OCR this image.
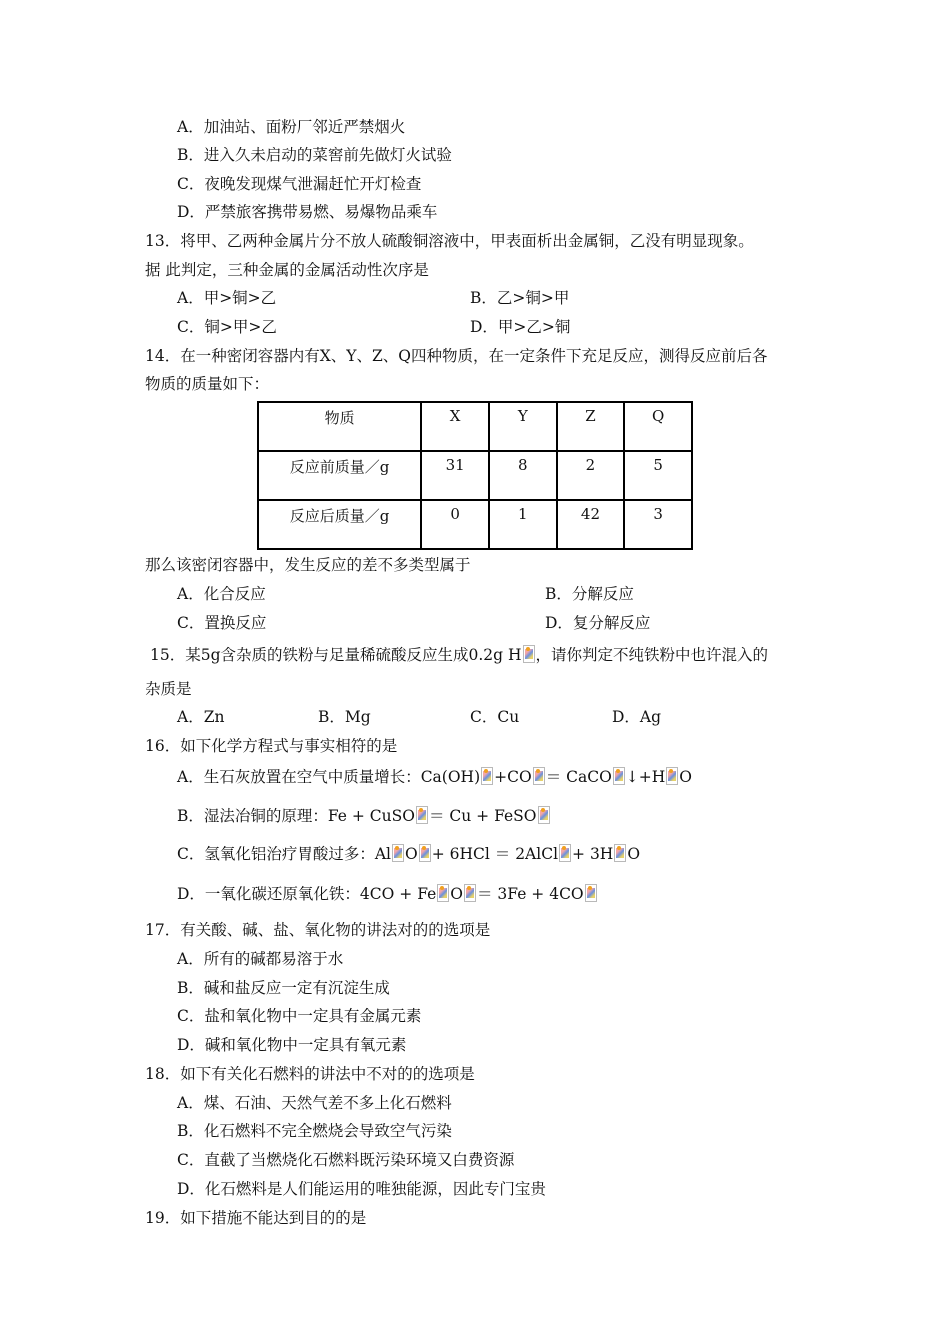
A．加油站、面粉厂邻近严禁烟火
B．进入久未启动的菜窖前先做灯火试验
C．夜晚发现煤气泄漏赶忙开灯检查
D．严禁旅客携带易燃、易爆物品乘车
13．将甲、乙两种金属片分不放人硫酸铜溶液中，甲表面析出金属铜，乙没有明显现象。
据 此判定，三种金属的金属活动性次序是
A．甲>铜>乙	B．乙>铜>甲
C．铜>甲>乙	D．甲>乙>铜
14．在一种密闭容器内有X、Y、Z、Q四种物质，在一定条件下充足反应，测得反应前后各
物质的质量如下：
物质	X	Y	Z	Q
反应前质量／g	31	8	2	5
反应后质量／g	0	1	42	3
那么该密闭容器中，发生反应的差不多类型属于
A．化合反应	B．分解反应
C．置换反应	D．复分解反应
15．某5g含杂质的铁粉与足量稀硫酸反应生成0.2g H ，请你判定不纯铁粉中也许混入的
杂质是
A．Zn	B．Mg	C．Cu	D．Ag
16．如下化学方程式与事实相符的是
A．生石灰放置在空气中质量增长：Ca(OH) +CO ＝ CaCO ↓+H O
B．湿法冶铜的原理：Fe + CuSO ＝ Cu + FeSO
C．氢氧化铝治疗胃酸过多：Al O + 6HCl ＝ 2AlCl + 3H O
D．一氧化碳还原氧化铁：4CO + Fe O ＝ 3Fe + 4CO
17．有关酸、碱、盐、氧化物的讲法对的的选项是
A．所有的碱都易溶于水
B．碱和盐反应一定有沉淀生成
C．盐和氧化物中一定具有金属元素
D．碱和氧化物中一定具有氧元素
18．如下有关化石燃料的讲法中不对的的选项是
A．煤、石油、天然气差不多上化石燃料
B．化石燃料不完全燃烧会导致空气污染
C．直截了当燃烧化石燃料既污染环境又白费资源
D．化石燃料是人们能运用的唯独能源，因此专门宝贵
19．如下措施不能达到目的的是
